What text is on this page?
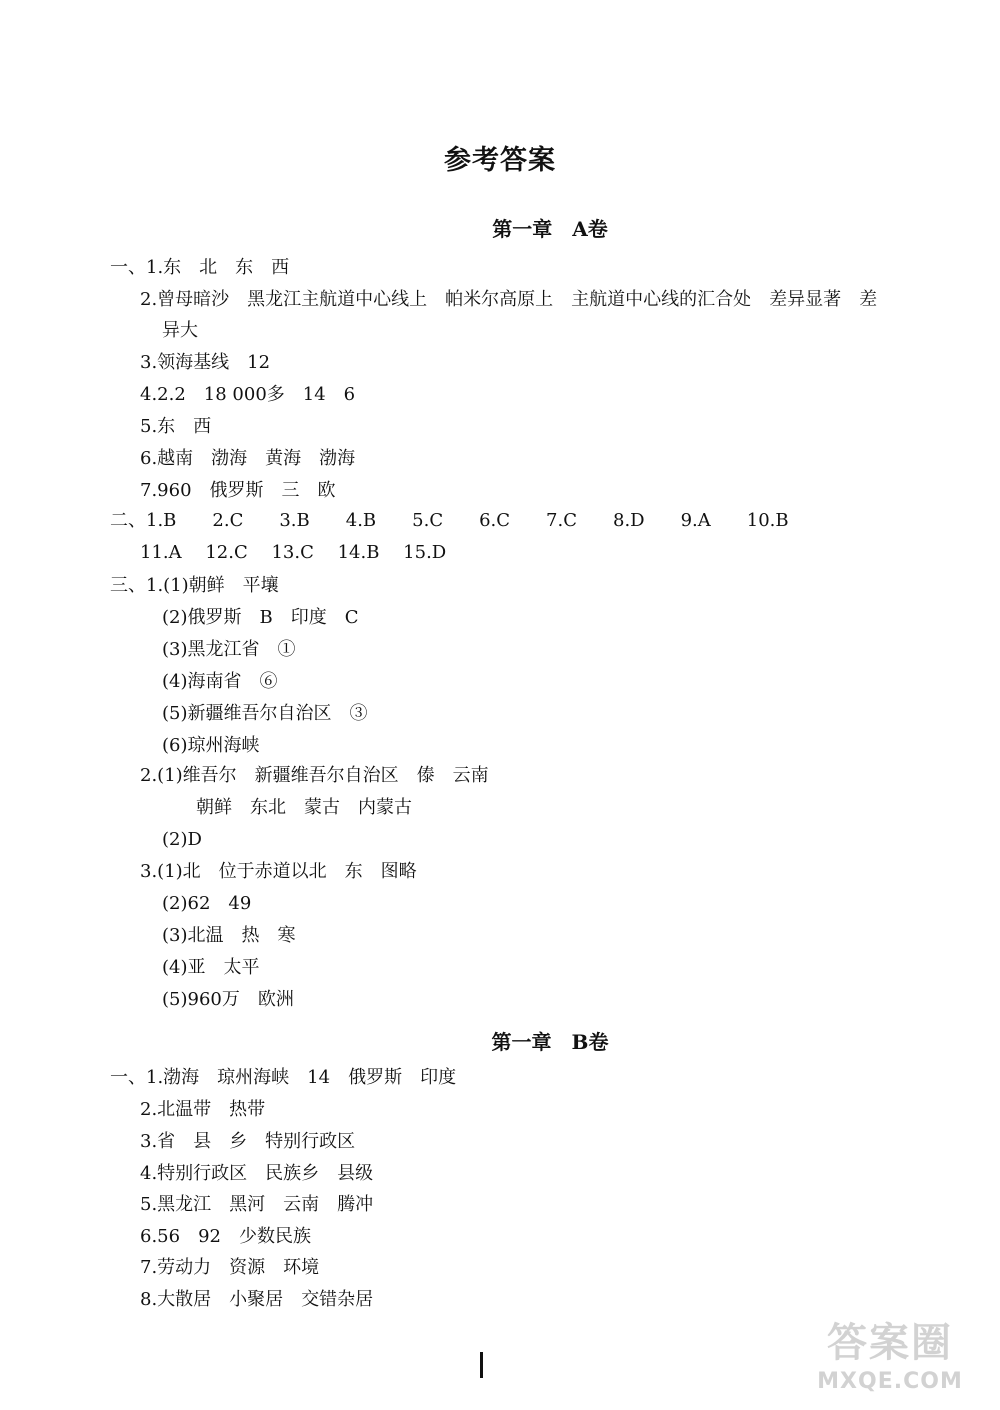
参考答案
第一章　A卷
一、1.东　北　东　西
2.曾母暗沙　黑龙江主航道中心线上　帕米尔高原上　主航道中心线的汇合处　差异显著　差
异大
3.领海基线　12
4.2.2　18 000多　14　6
5.东　西
6.越南　渤海　黄海　渤海
7.960　俄罗斯　三　欧
二、1.B　　2.C　　3.B　　4.B　　5.C　　6.C　　7.C　　8.D　　9.A　　10.B
11.A　 12.C　 13.C　 14.B　 15.D
三、1.(1)朝鲜　平壤
(2)俄罗斯　B　印度　C
(3)黑龙江省　①
(4)海南省　⑥
(5)新疆维吾尔自治区　③
(6)琼州海峡
2.(1)维吾尔　新疆维吾尔自治区　傣　云南
朝鲜　东北　蒙古　内蒙古
(2)D
3.(1)北　位于赤道以北　东　图略
(2)62　49
(3)北温　热　寒
(4)亚　太平
(5)960万　欧洲
第一章　B卷
一、1.渤海　琼州海峡　14　俄罗斯　印度
2.北温带　热带
3.省　县　乡　特别行政区
4.特别行政区　民族乡　县级
5.黑龙江　黑河　云南　腾冲
6.56　92　少数民族
7.劳动力　资源　环境
8.大散居　小聚居　交错杂居
答案圈
MXQE.COM
